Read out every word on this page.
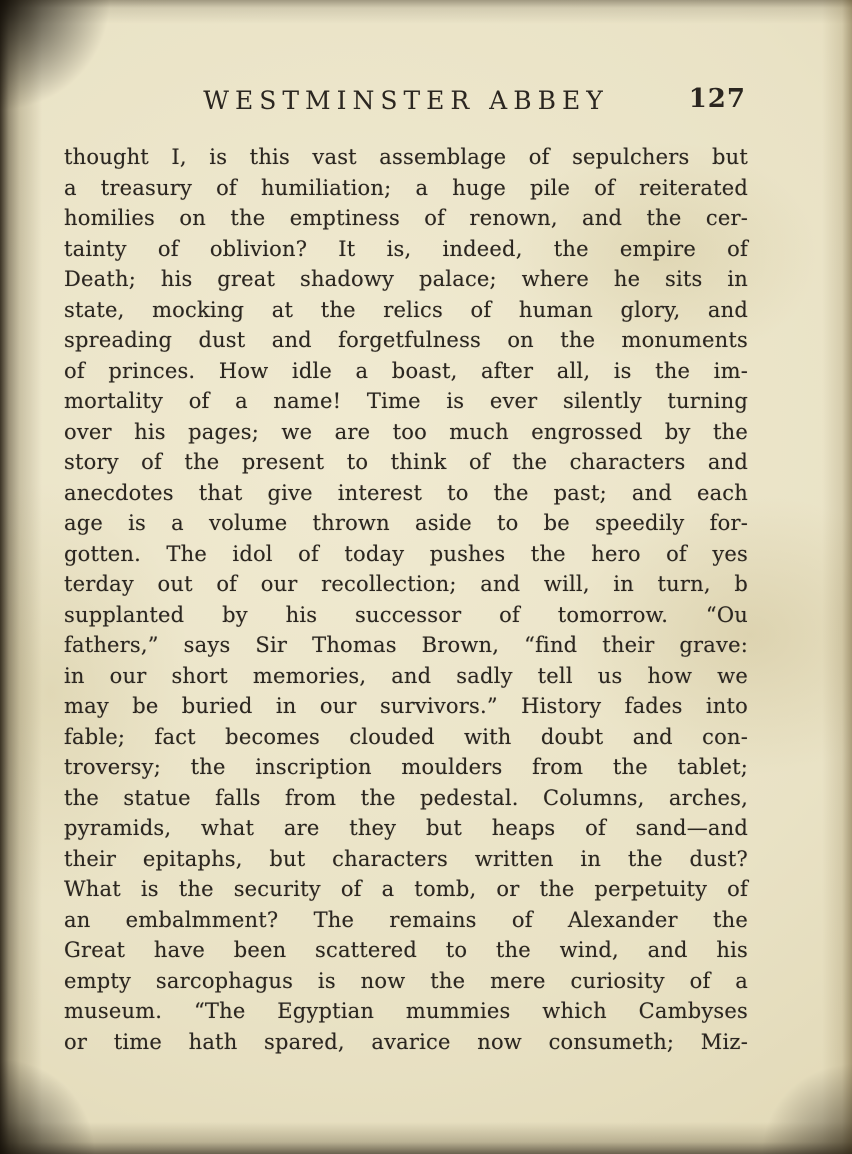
WESTMINSTER ABBEY	127
thought I, is this vast assemblage of sepulchers but
a treasury of humiliation; a huge pile of reiterated
homilies on the emptiness of renown, and the cer-
tainty of oblivion? It is, indeed, the empire of
Death; his great shadowy palace; where he sits in
state, mocking at the relics of human glory, and
spreading dust and forgetfulness on the monuments
of princes. How idle a boast, after all, is the im-
mortality of a name! Time is ever silently turning
over his pages; we are too much engrossed by the
story of the present to think of the characters and
anecdotes that give interest to the past; and each
age is a volume thrown aside to be speedily for-
gotten. The idol of today pushes the hero of yes
terday out of our recollection; and will, in turn, b
supplanted by his successor of tomorrow. “Ou
fathers,” says Sir Thomas Brown, “find their grave:
in our short memories, and sadly tell us how we
may be buried in our survivors.” History fades into
fable; fact becomes clouded with doubt and con-
troversy; the inscription moulders from the tablet;
the statue falls from the pedestal. Columns, arches,
pyramids, what are they but heaps of sand—and
their epitaphs, but characters written in the dust?
What is the security of a tomb, or the perpetuity of
an embalmment? The remains of Alexander the
Great have been scattered to the wind, and his
empty sarcophagus is now the mere curiosity of a
museum. “The Egyptian mummies which Cambyses
or time hath spared, avarice now consumeth; Miz-
